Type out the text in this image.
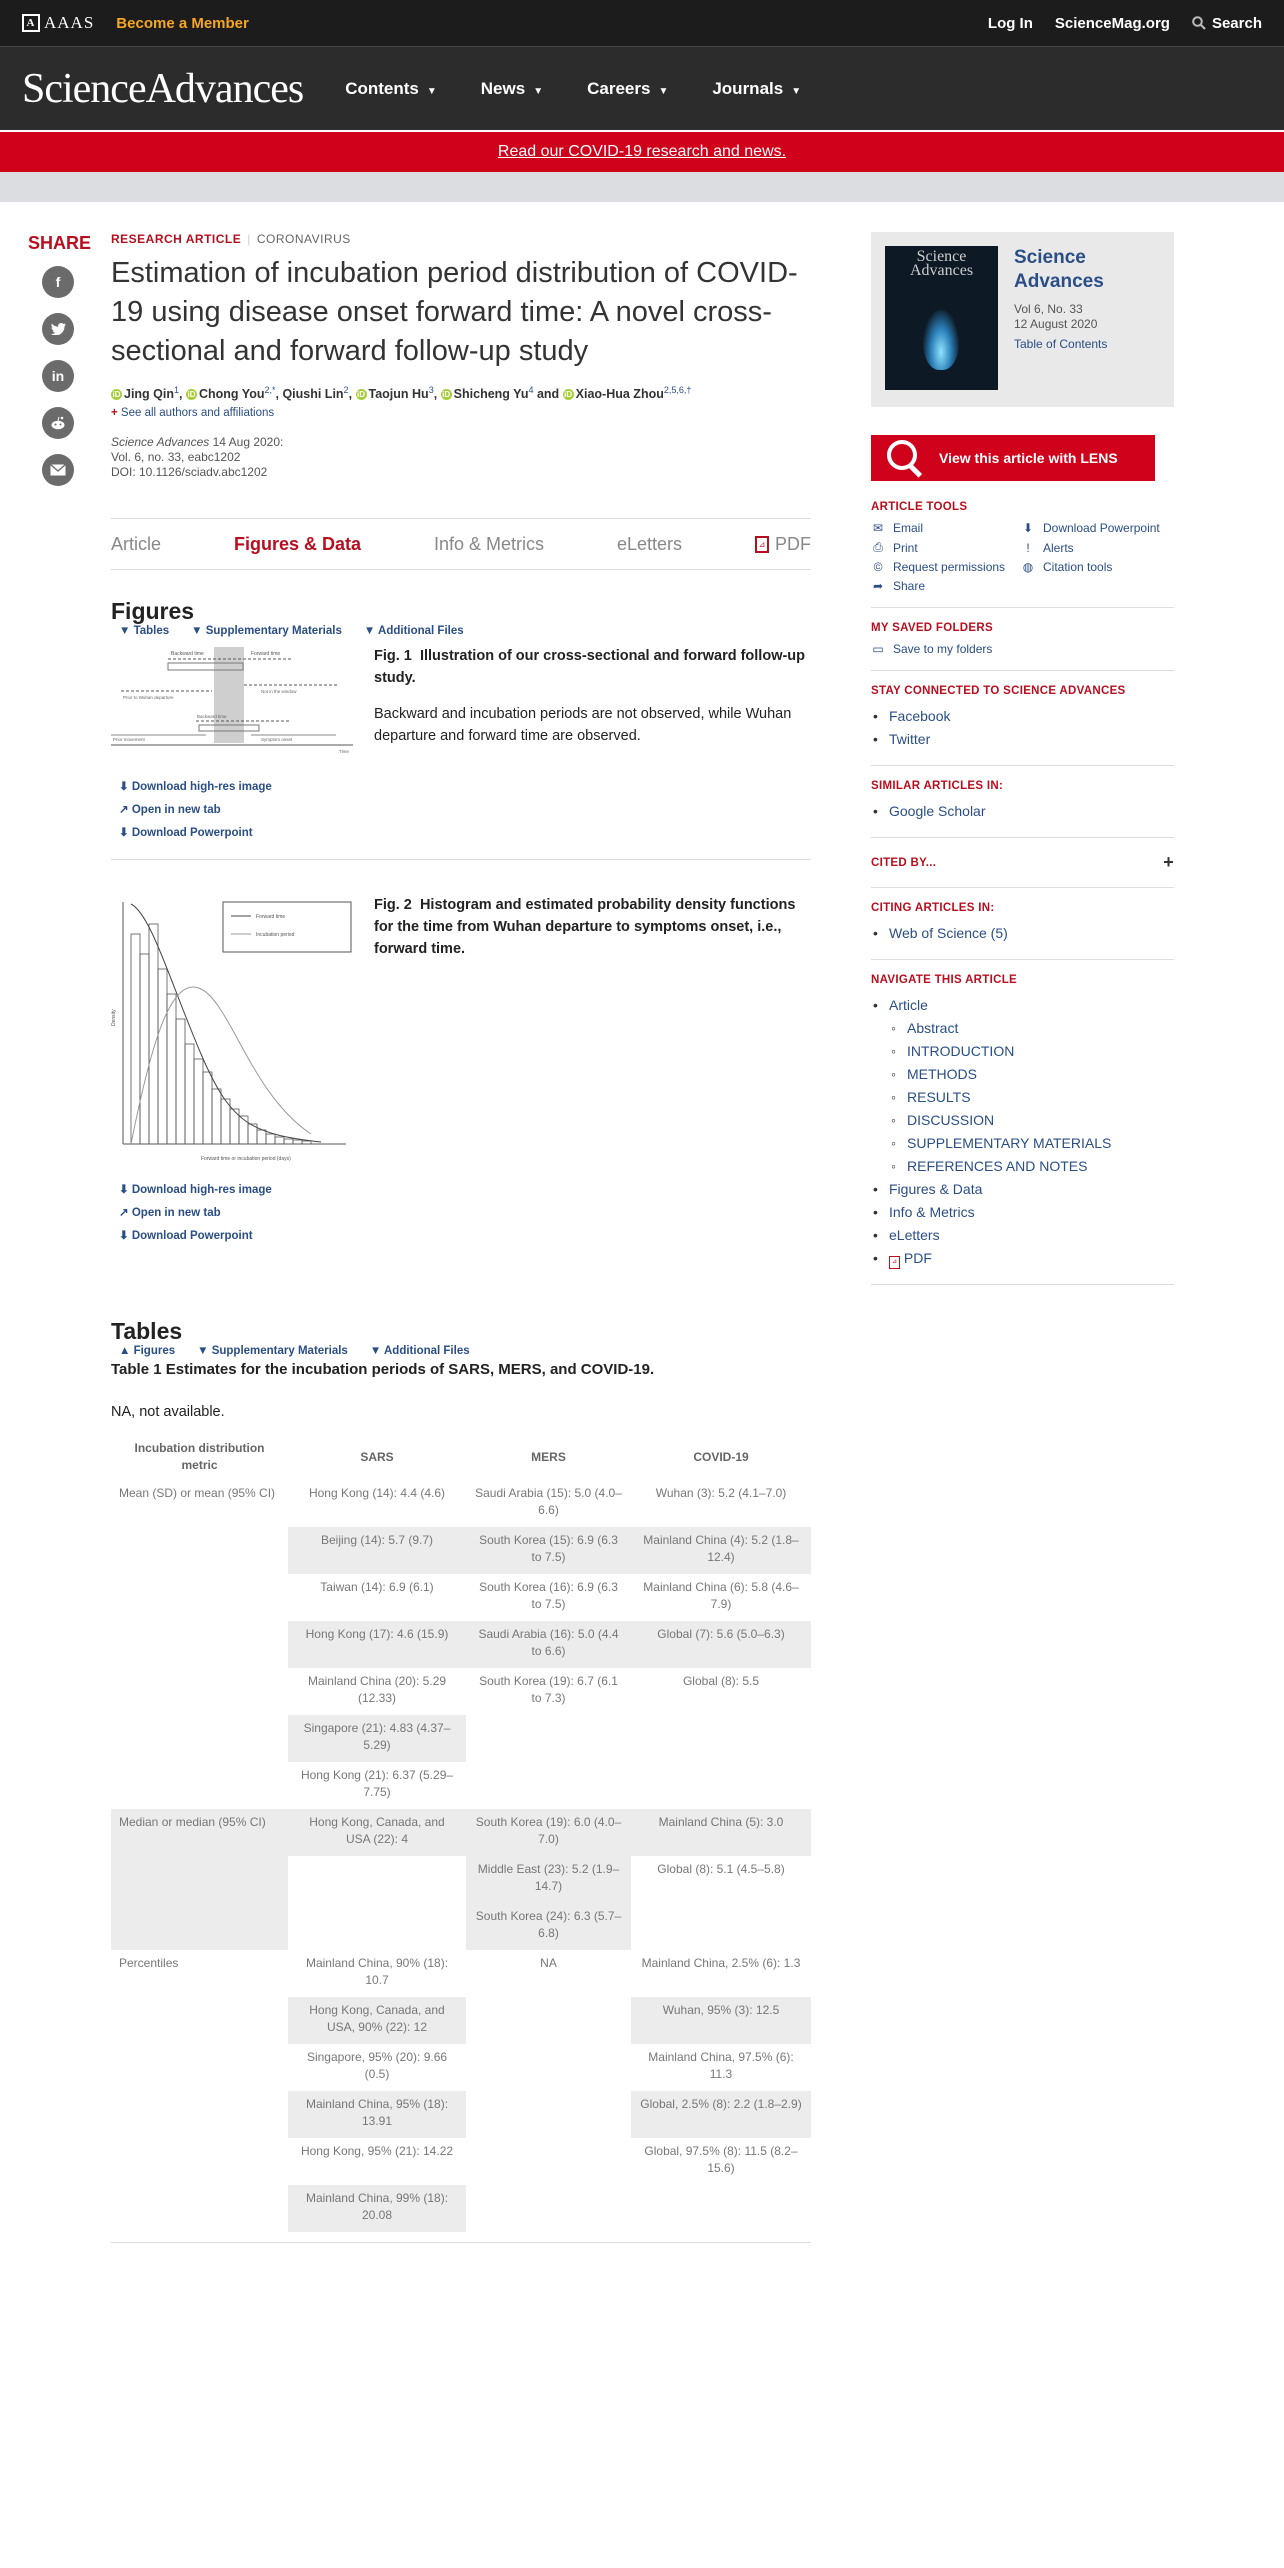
A AAAS Become a Member	Log In ScienceMag.org	Search
ScienceAdvances Contents ▼	News ▼	Careers ▼	Journals ▼
Read our COVID-19 research and news.
SHARE
f
in
RESEARCH ARTICLE | CORONAVIRUS
Estimation of incubation period distribution of COVID-19 using disease onset forward time: A novel cross-sectional and forward follow-up study
iD Jing Qin$^1$, iD Chong You$^{2,*}$, Qiushi Lin$^2$, iD Taojun Hu$^3$, iD Shicheng Yu$^4$ and iD Xiao-Hua Zhou$^{2,5,6,\dagger}$
+ See all authors and affiliations
Science Advances 14 Aug 2020:
Vol. 6, no. 33, eabc1202
DOI: 10.1126/sciadv.abc1202
Article	Figures & Data	Info & Metrics	eLetters	⊿ PDF
Figures
▼ Tables ▼ Supplementary Materials ▼ Additional Files
Backward time	Forward time
Prior to Wuhan departure
Not in the window
Backward time
Prior movement	Symptom onset
Time
⬇ Download high-res image
↗ Open in new tab
⬇ Download Powerpoint
Fig. 1 Illustration of our cross-sectional and forward follow-up study.
Backward and incubation periods are not observed, while Wuhan departure and forward time are observed.
Forward time
Incubation period
Forward time or incubation period (days)
Density
⬇ Download high-res image
↗ Open in new tab
⬇ Download Powerpoint
Fig. 2 Histogram and estimated probability density functions for the time from Wuhan departure to symptoms onset, i.e., forward time.
Tables
▲ Figures ▼ Supplementary Materials ▼ Additional Files
Table 1 Estimates for the incubation periods of SARS, MERS, and COVID-19.
NA, not available.
Incubation distribution metric	SARS	MERS	COVID-19
Mean (SD) or mean (95% CI)	Hong Kong (14): 4.4 (4.6)	Saudi Arabia (15): 5.0 (4.0–6.6)	Wuhan (3): 5.2 (4.1–7.0)
	Beijing (14): 5.7 (9.7)	South Korea (15): 6.9 (6.3 to 7.5)	Mainland China (4): 5.2 (1.8–12.4)
	Taiwan (14): 6.9 (6.1)	South Korea (16): 6.9 (6.3 to 7.5)	Mainland China (6): 5.8 (4.6–7.9)
	Hong Kong (17): 4.6 (15.9)	Saudi Arabia (16): 5.0 (4.4 to 6.6)	Global (7): 5.6 (5.0–6.3)
	Mainland China (20): 5.29 (12.33)	South Korea (19): 6.7 (6.1 to 7.3)	Global (8): 5.5
	Singapore (21): 4.83 (4.37–5.29)		
	Hong Kong (21): 6.37 (5.29–7.75)		
Median or median (95% CI)	Hong Kong, Canada, and USA (22): 4	South Korea (19): 6.0 (4.0–7.0)	Mainland China (5): 3.0
		Middle East (23): 5.2 (1.9–14.7)	Global (8): 5.1 (4.5–5.8)
		South Korea (24): 6.3 (5.7–6.8)	
Percentiles	Mainland China, 90% (18): 10.7	NA	Mainland China, 2.5% (6): 1.3
	Hong Kong, Canada, and USA, 90% (22): 12		Wuhan, 95% (3): 12.5
	Singapore, 95% (20): 9.66 (0.5)		Mainland China, 97.5% (6): 11.3
	Mainland China, 95% (18): 13.91		Global, 2.5% (8): 2.2 (1.8–2.9)
	Hong Kong, 95% (21): 14.22		Global, 97.5% (8): 11.5 (8.2–15.6)
	Mainland China, 99% (18): 20.08		
Science Advances
Science Advances
Vol 6, No. 33
12 August 2020
Table of Contents
View this article with LENS
ARTICLE TOOLS
✉ Email	⬇ Download Powerpoint
⎙ Print	!	Alerts
© Request permissions ◍ Citation tools
➦ Share
MY SAVED FOLDERS
▭ Save to my folders
STAY CONNECTED TO SCIENCE ADVANCES
• Facebook
• Twitter
SIMILAR ARTICLES IN:
• Google Scholar
CITED BY...	+
CITING ARTICLES IN:
• Web of Science (5)
NAVIGATE THIS ARTICLE
• Article
◦ Abstract
◦ INTRODUCTION
◦ METHODS
◦ RESULTS
◦ DISCUSSION
◦ SUPPLEMENTARY MATERIALS
◦ REFERENCES AND NOTES
• Figures & Data
• Info & Metrics
• eLetters
• ⊿ PDF
